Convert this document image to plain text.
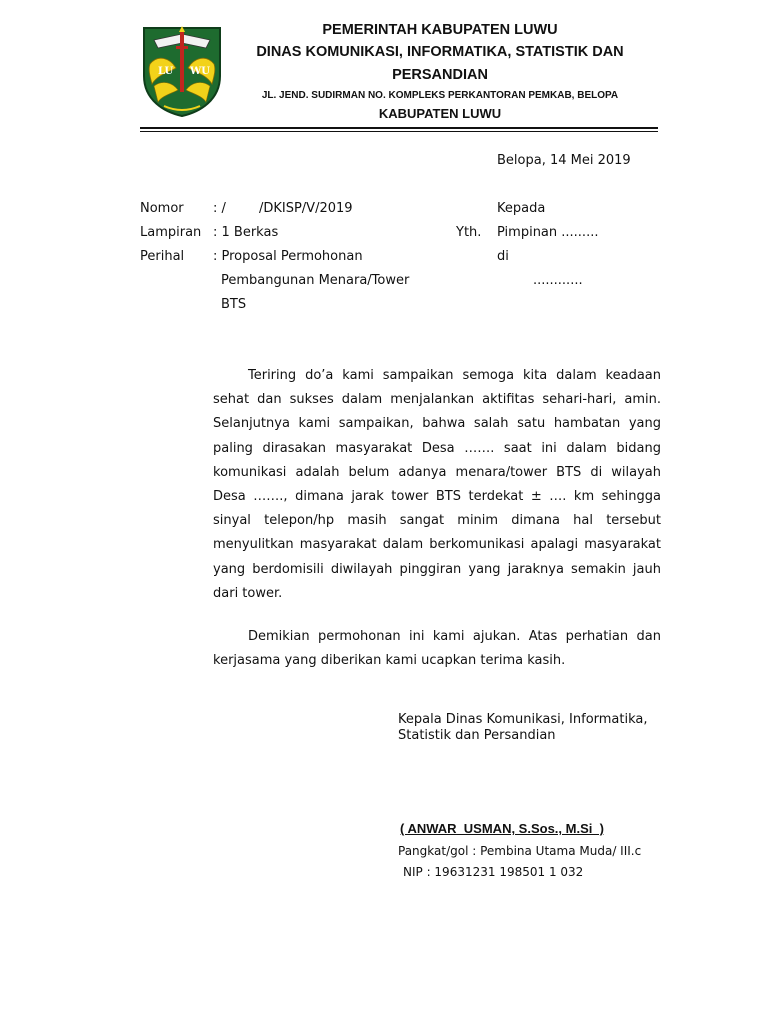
LU WU
PEMERINTAH KABUPATEN LUWU
DINAS KOMUNIKASI, INFORMATIKA, STATISTIK DAN
PERSANDIAN
JL. JEND. SUDIRMAN NO. KOMPLEKS PERKANTORAN PEMKAB, BELOPA
KABUPATEN LUWU
Belopa, 14 Mei 2019
Nomor : /        /DKISP/V/2019
Lampiran : 1 Berkas
Perihal : Proposal Permohonan
Pembangunan Menara/Tower
BTS
Kepada
Yth. Pimpinan .........
di
............
Teriring do’a kami sampaikan semoga kita dalam keadaan sehat dan sukses dalam menjalankan aktifitas sehari-hari, amin. Selanjutnya kami sampaikan, bahwa salah satu hambatan yang paling dirasakan masyarakat Desa ……. saat ini dalam bidang komunikasi adalah belum adanya menara/tower BTS di wilayah Desa ……., dimana jarak tower BTS terdekat ± …. km sehingga sinyal telepon/hp masih sangat minim dimana hal tersebut menyulitkan masyarakat dalam berkomunikasi apalagi masyarakat yang berdomisili diwilayah pinggiran yang jaraknya semakin jauh dari tower.
Demikian permohonan ini kami ajukan. Atas perhatian dan kerjasama yang diberikan kami ucapkan terima kasih.
Kepala Dinas Komunikasi, Informatika,
Statistik dan Persandian
( ANWAR  USMAN, S.Sos., M.Si  )
Pangkat/gol : Pembina Utama Muda/ III.c
NIP : 19631231 198501 1 032
